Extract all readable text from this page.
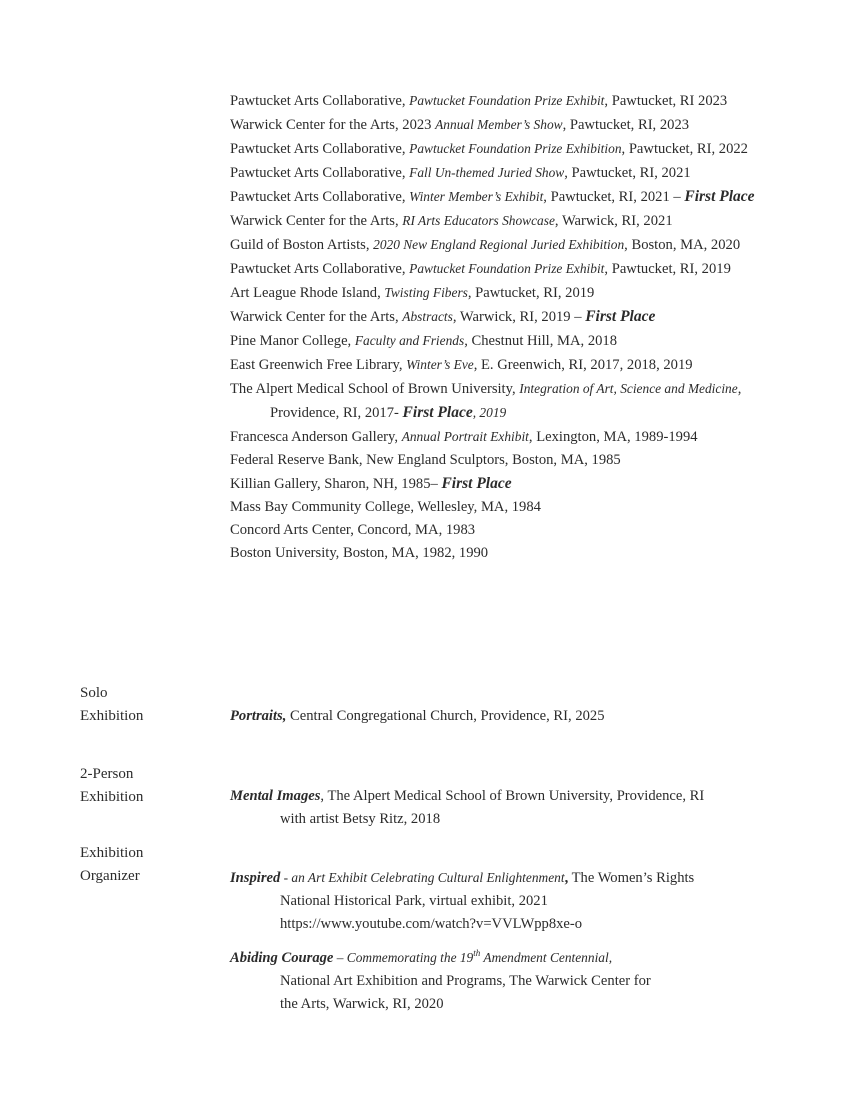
Pawtucket Arts Collaborative, Pawtucket Foundation Prize Exhibit, Pawtucket, RI 2023
Warwick Center for the Arts, 2023 Annual Member’s Show, Pawtucket, RI, 2023
Pawtucket Arts Collaborative, Pawtucket Foundation Prize Exhibition, Pawtucket, RI, 2022
Pawtucket Arts Collaborative, Fall Un-themed Juried Show, Pawtucket, RI, 2021
Pawtucket Arts Collaborative, Winter Member’s Exhibit, Pawtucket, RI, 2021 – First Place
Warwick Center for the Arts, RI Arts Educators Showcase, Warwick, RI, 2021
Guild of Boston Artists, 2020 New England Regional Juried Exhibition, Boston, MA, 2020
Pawtucket Arts Collaborative, Pawtucket Foundation Prize Exhibit, Pawtucket, RI, 2019
Art League Rhode Island, Twisting Fibers, Pawtucket, RI, 2019
Warwick Center for the Arts, Abstracts, Warwick, RI, 2019 – First Place
Pine Manor College, Faculty and Friends, Chestnut Hill, MA, 2018
East Greenwich Free Library, Winter’s Eve, E. Greenwich, RI, 2017, 2018, 2019
The Alpert Medical School of Brown University, Integration of Art, Science and Medicine, Providence, RI, 2017- First Place, 2019
Francesca Anderson Gallery, Annual Portrait Exhibit, Lexington, MA, 1989-1994
Federal Reserve Bank, New England Sculptors, Boston, MA, 1985
Killian Gallery, Sharon, NH, 1985– First Place
Mass Bay Community College, Wellesley, MA, 1984
Concord Arts Center, Concord, MA, 1983
Boston University, Boston, MA, 1982, 1990
Solo
Exhibition	Portraits, Central Congregational Church, Providence, RI, 2025
2-Person
Exhibition	Mental Images, The Alpert Medical School of Brown University, Providence, RI
with artist Betsy Ritz, 2018
Exhibition
Organizer	Inspired - an Art Exhibit Celebrating Cultural Enlightenment, The Women’s Rights
National Historical Park, virtual exhibit, 2021
https://www.youtube.com/watch?v=VVLWpp8xe-o
Abiding Courage – Commemorating the 19th Amendment Centennial,
National Art Exhibition and Programs, The Warwick Center for
the Arts, Warwick, RI, 2020
